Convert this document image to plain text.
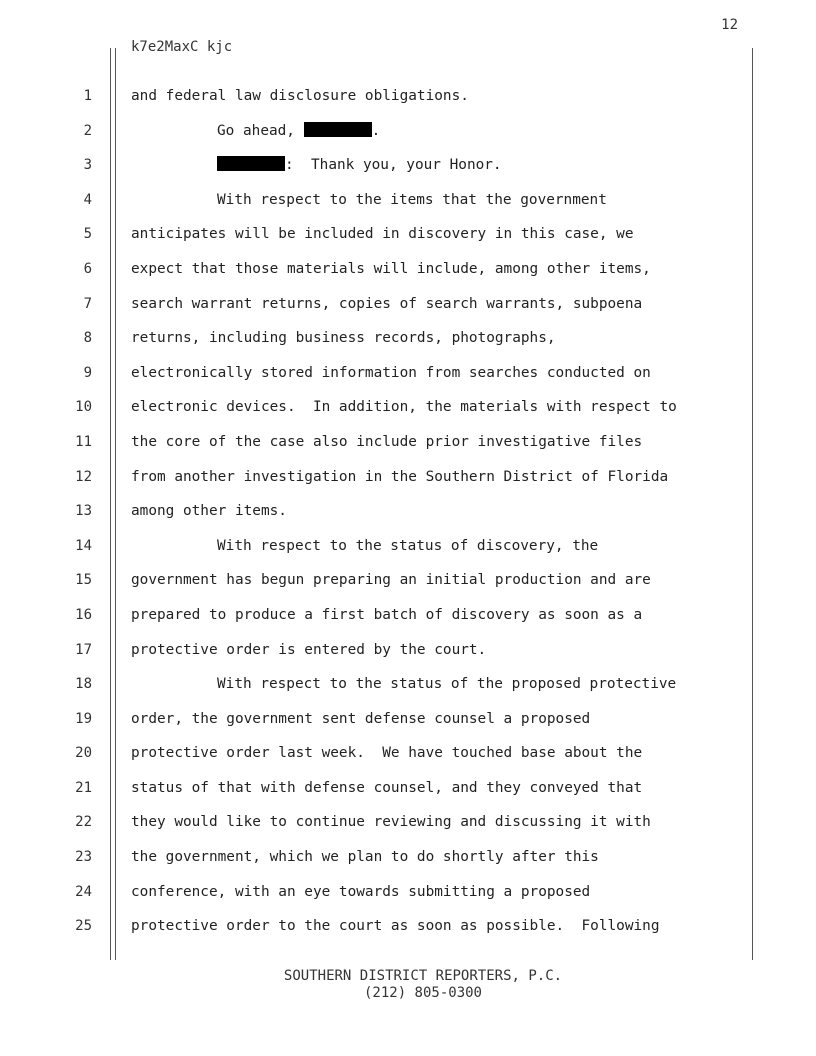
12
k7e2MaxC kjc
1	and federal law disclosure obligations.
2	Go ahead,	.
3	:  Thank you, your Honor.
4	With respect to the items that the government
5	anticipates will be included in discovery in this case, we
6	expect that those materials will include, among other items,
7	search warrant returns, copies of search warrants, subpoena
8	returns, including business records, photographs,
9	electronically stored information from searches conducted on
10	electronic devices.  In addition, the materials with respect to
11	the core of the case also include prior investigative files
12	from another investigation in the Southern District of Florida
13	among other items.
14	With respect to the status of discovery, the
15	government has begun preparing an initial production and are
16	prepared to produce a first batch of discovery as soon as a
17	protective order is entered by the court.
18	With respect to the status of the proposed protective
19	order, the government sent defense counsel a proposed
20	protective order last week.  We have touched base about the
21	status of that with defense counsel, and they conveyed that
22	they would like to continue reviewing and discussing it with
23	the government, which we plan to do shortly after this
24	conference, with an eye towards submitting a proposed
25	protective order to the court as soon as possible.  Following
SOUTHERN DISTRICT REPORTERS, P.C.
(212) 805-0300
